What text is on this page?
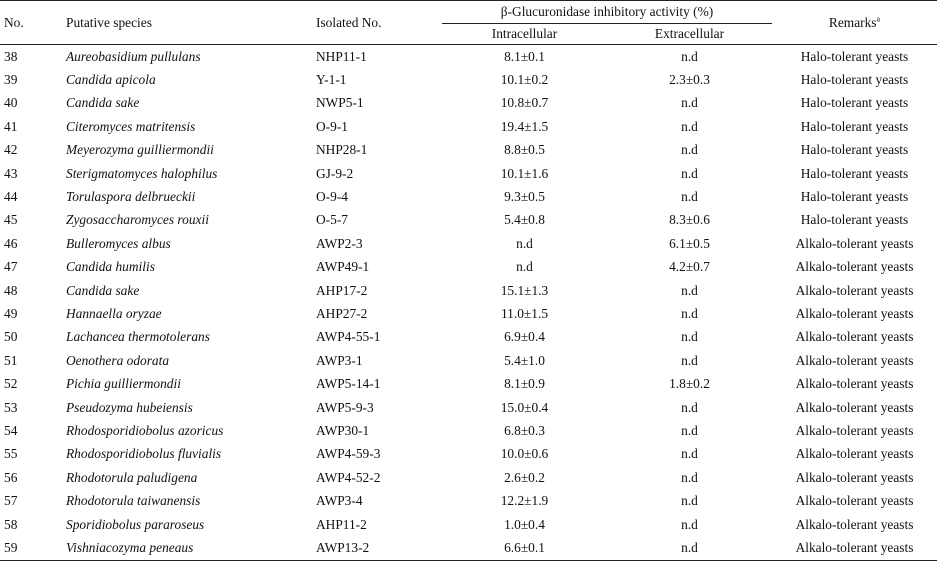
No.	Putative species	Isolated No.	β-Glucuronidase inhibitory activity (%)		Remarks$^a$
			Intracellular	Extracellular	
38	Aureobasidium pullulans	NHP11-1	8.1±0.1	n.d	Halo-tolerant yeasts
39	Candida apicola	Y-1-1	10.1±0.2	2.3±0.3	Halo-tolerant yeasts
40	Candida sake	NWP5-1	10.8±0.7	n.d	Halo-tolerant yeasts
41	Citeromyces matritensis	O-9-1	19.4±1.5	n.d	Halo-tolerant yeasts
42	Meyerozyma guilliermondii	NHP28-1	8.8±0.5	n.d	Halo-tolerant yeasts
43	Sterigmatomyces halophilus	GJ-9-2	10.1±1.6	n.d	Halo-tolerant yeasts
44	Torulaspora delbrueckii	O-9-4	9.3±0.5	n.d	Halo-tolerant yeasts
45	Zygosaccharomyces rouxii	O-5-7	5.4±0.8	8.3±0.6	Halo-tolerant yeasts
46	Bulleromyces albus	AWP2-3	n.d	6.1±0.5	Alkalo-tolerant yeasts
47	Candida humilis	AWP49-1	n.d	4.2±0.7	Alkalo-tolerant yeasts
48	Candida sake	AHP17-2	15.1±1.3	n.d	Alkalo-tolerant yeasts
49	Hannaella oryzae	AHP27-2	11.0±1.5	n.d	Alkalo-tolerant yeasts
50	Lachancea thermotolerans	AWP4-55-1	6.9±0.4	n.d	Alkalo-tolerant yeasts
51	Oenothera odorata	AWP3-1	5.4±1.0	n.d	Alkalo-tolerant yeasts
52	Pichia guilliermondii	AWP5-14-1	8.1±0.9	1.8±0.2	Alkalo-tolerant yeasts
53	Pseudozyma hubeiensis	AWP5-9-3	15.0±0.4	n.d	Alkalo-tolerant yeasts
54	Rhodosporidiobolus azoricus	AWP30-1	6.8±0.3	n.d	Alkalo-tolerant yeasts
55	Rhodosporidiobolus fluvialis	AWP4-59-3	10.0±0.6	n.d	Alkalo-tolerant yeasts
56	Rhodotorula paludigena	AWP4-52-2	2.6±0.2	n.d	Alkalo-tolerant yeasts
57	Rhodotorula taiwanensis	AWP3-4	12.2±1.9	n.d	Alkalo-tolerant yeasts
58	Sporidiobolus pararoseus	AHP11-2	1.0±0.4	n.d	Alkalo-tolerant yeasts
59	Vishniacozyma peneaus	AWP13-2	6.6±0.1	n.d	Alkalo-tolerant yeasts
